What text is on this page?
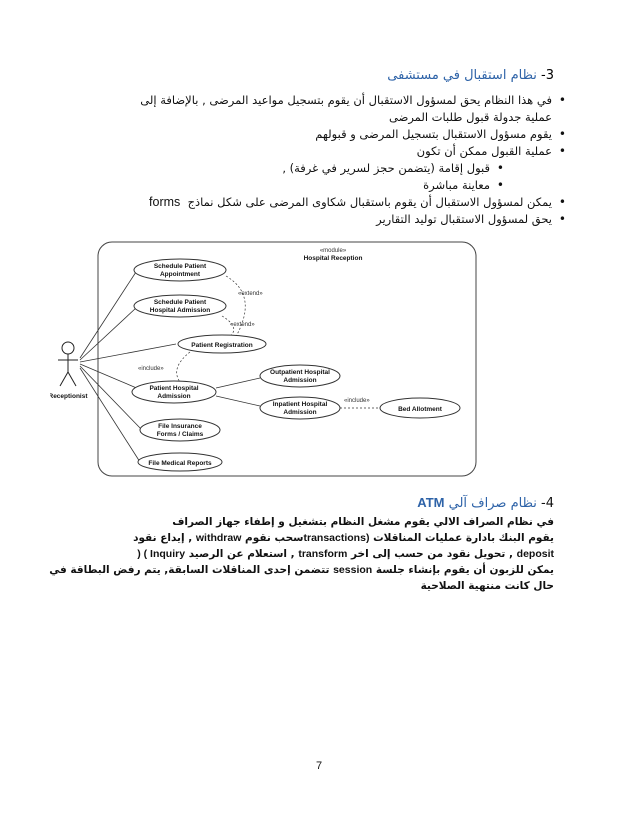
3- نظام استقبال في مستشفى
•
في هذا النظام يحق لمسؤول الاستقبال أن يقوم بتسجيل مواعيد المرضى , بالإضافة إلى
عملية جدولة قبول طلبات المرضى
•
يقوم مسؤول الاستقبال بتسجيل المرضى و قبولهم
•
عملية القبول ممكن أن تكون
•
قبول إقامة (يتضمن حجز لسرير في غرفة) ,
•
معاينة مباشرة
•
يمكن لمسؤول الاستقبال أن يقوم باستقبال شكاوى المرضى على شكل نماذج  forms
•
يحق لمسؤول الاستقبال توليد التقارير
«module»
Hospital Reception
Receptionist
«extend»
«extend»
«include»
«include»
Schedule Patient
Appointment
Schedule Patient
Hospital Admission
Patient Registration
Patient Hospital
Admission
Outpatient Hospital
Admission
Inpatient Hospital
Admission	Bed Allotment
File Insurance
Forms / Claims
File Medical Reports
4- نظام صراف آلي ATM
في نظام الصراف الالي يقوم مشغل النظام بتشغيل و إطفاء جهاز الصراف
يقوم البنك بادارة عمليات المناقلات (transactionsسحب نقوم withdraw , إيداع نقود
deposit , تحويل نقود من حسب إلى اخر transform , استعلام عن الرصيد Inquiry ) (
يمكن للزبون أن يقوم بإنشاء جلسة session تتضمن إحدى المناقلات السابقة, يتم رفض البطاقة في
حال كانت منتهية الصلاحية
7
